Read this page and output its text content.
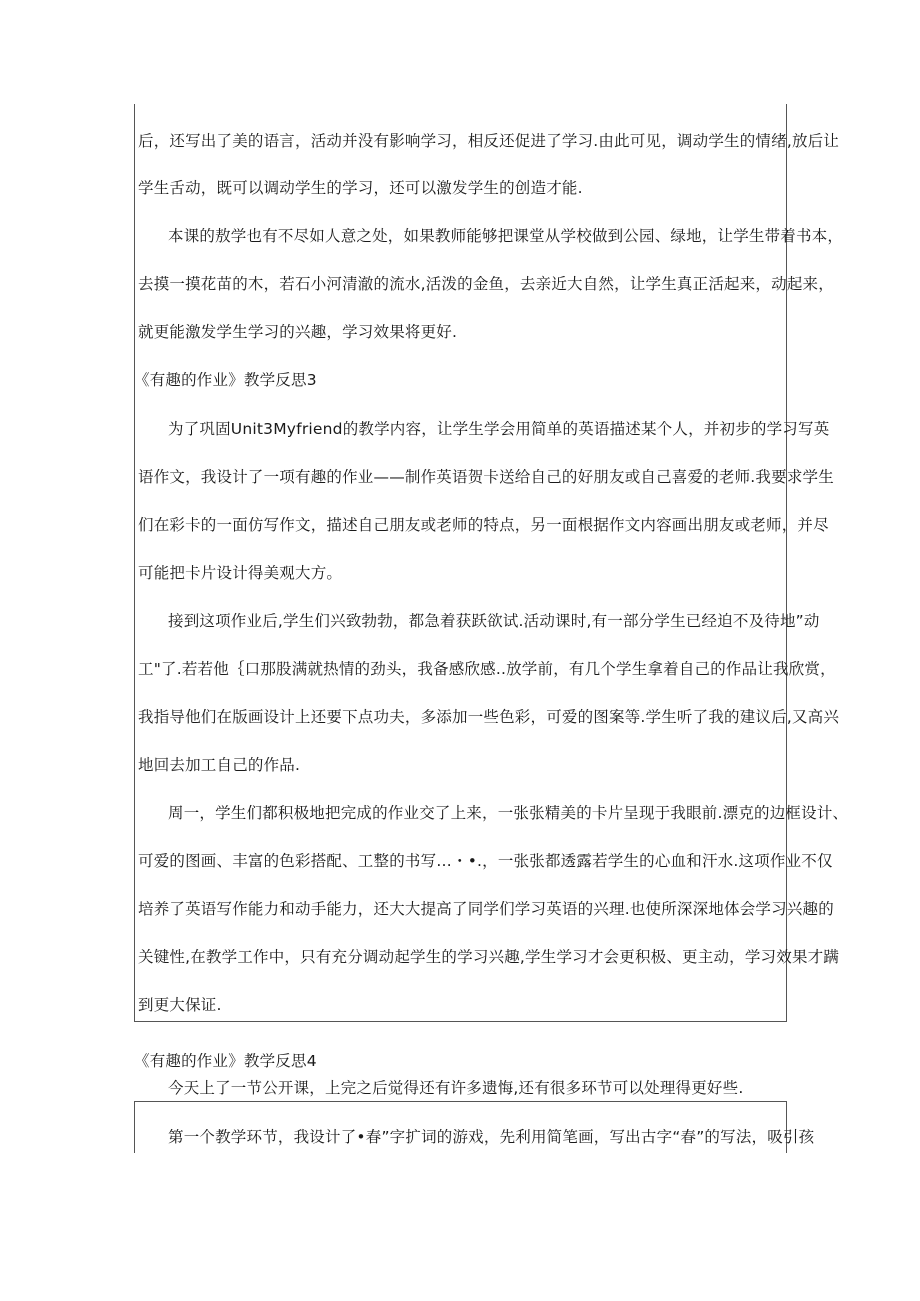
后，还写出了美的语言，活动并没有影响学习，相反还促进了学习.由此可见，调动学生的情绪,放后让
学生舌动，既可以调动学生的学习，还可以激发学生的创造才能.
本课的敖学也有不尽如人意之处，如果教师能够把课堂从学校做到公园、绿地，让学生带着书本，
去摸一摸花苗的木，若石小河清澈的流水,活泼的金鱼，去亲近大自然，让学生真正活起来，动起来，
就更能激发学生学习的兴趣，学习效果将更好.
《有趣的作业》教学反思3
为了巩固Unit3Myfriend的教学内容，让学生学会用简单的英语描述某个人，并初步的学习写英
语作文，我设计了一项有趣的作业——制作英语贺卡送给自己的好朋友或自己喜爱的老师.我要求学生
们在彩卡的一面仿写作文，描述自己朋友或老师的特点，另一面根据作文内容画出朋友或老师，并尽
可能把卡片设计得美观大方。
接到这项作业后,学生们兴致勃勃，都急着获跃欲试.活动课时,有一部分学生已经迫不及待地”动
工"了.若若他｛口那股满就热情的劲头，我备感欣感..放学前，有几个学生拿着自己的作品让我欣赏，
我指导他们在版画设计上还要下点功夫，多添加一些色彩，可爱的图案等.学生听了我的建议后,又高兴
地回去加工自己的作品.
周一，学生们都积极地把完成的作业交了上来，一张张精美的卡片呈现于我眼前.漂克的边框设计、
可爱的图画、丰富的色彩搭配、工整的书写…・•.，一张张都透露若学生的心血和汗水.这项作业不仅
培养了英语写作能力和动手能力，还大大提高了同学们学习英语的兴理.也使所深深地体会学习兴趣的
关键性,在教学工作中，只有充分调动起学生的学习兴趣,学生学习才会更积极、更主动，学习效果才蹒
到更大保证.
《有趣的作业》教学反思4
今天上了一节公开课，上完之后觉得还有许多遗悔,还有很多环节可以处理得更好些.
第一个教学环节，我设计了•春”字扩词的游戏，先利用简笔画，写出古字“春”的写法，吸引孩
